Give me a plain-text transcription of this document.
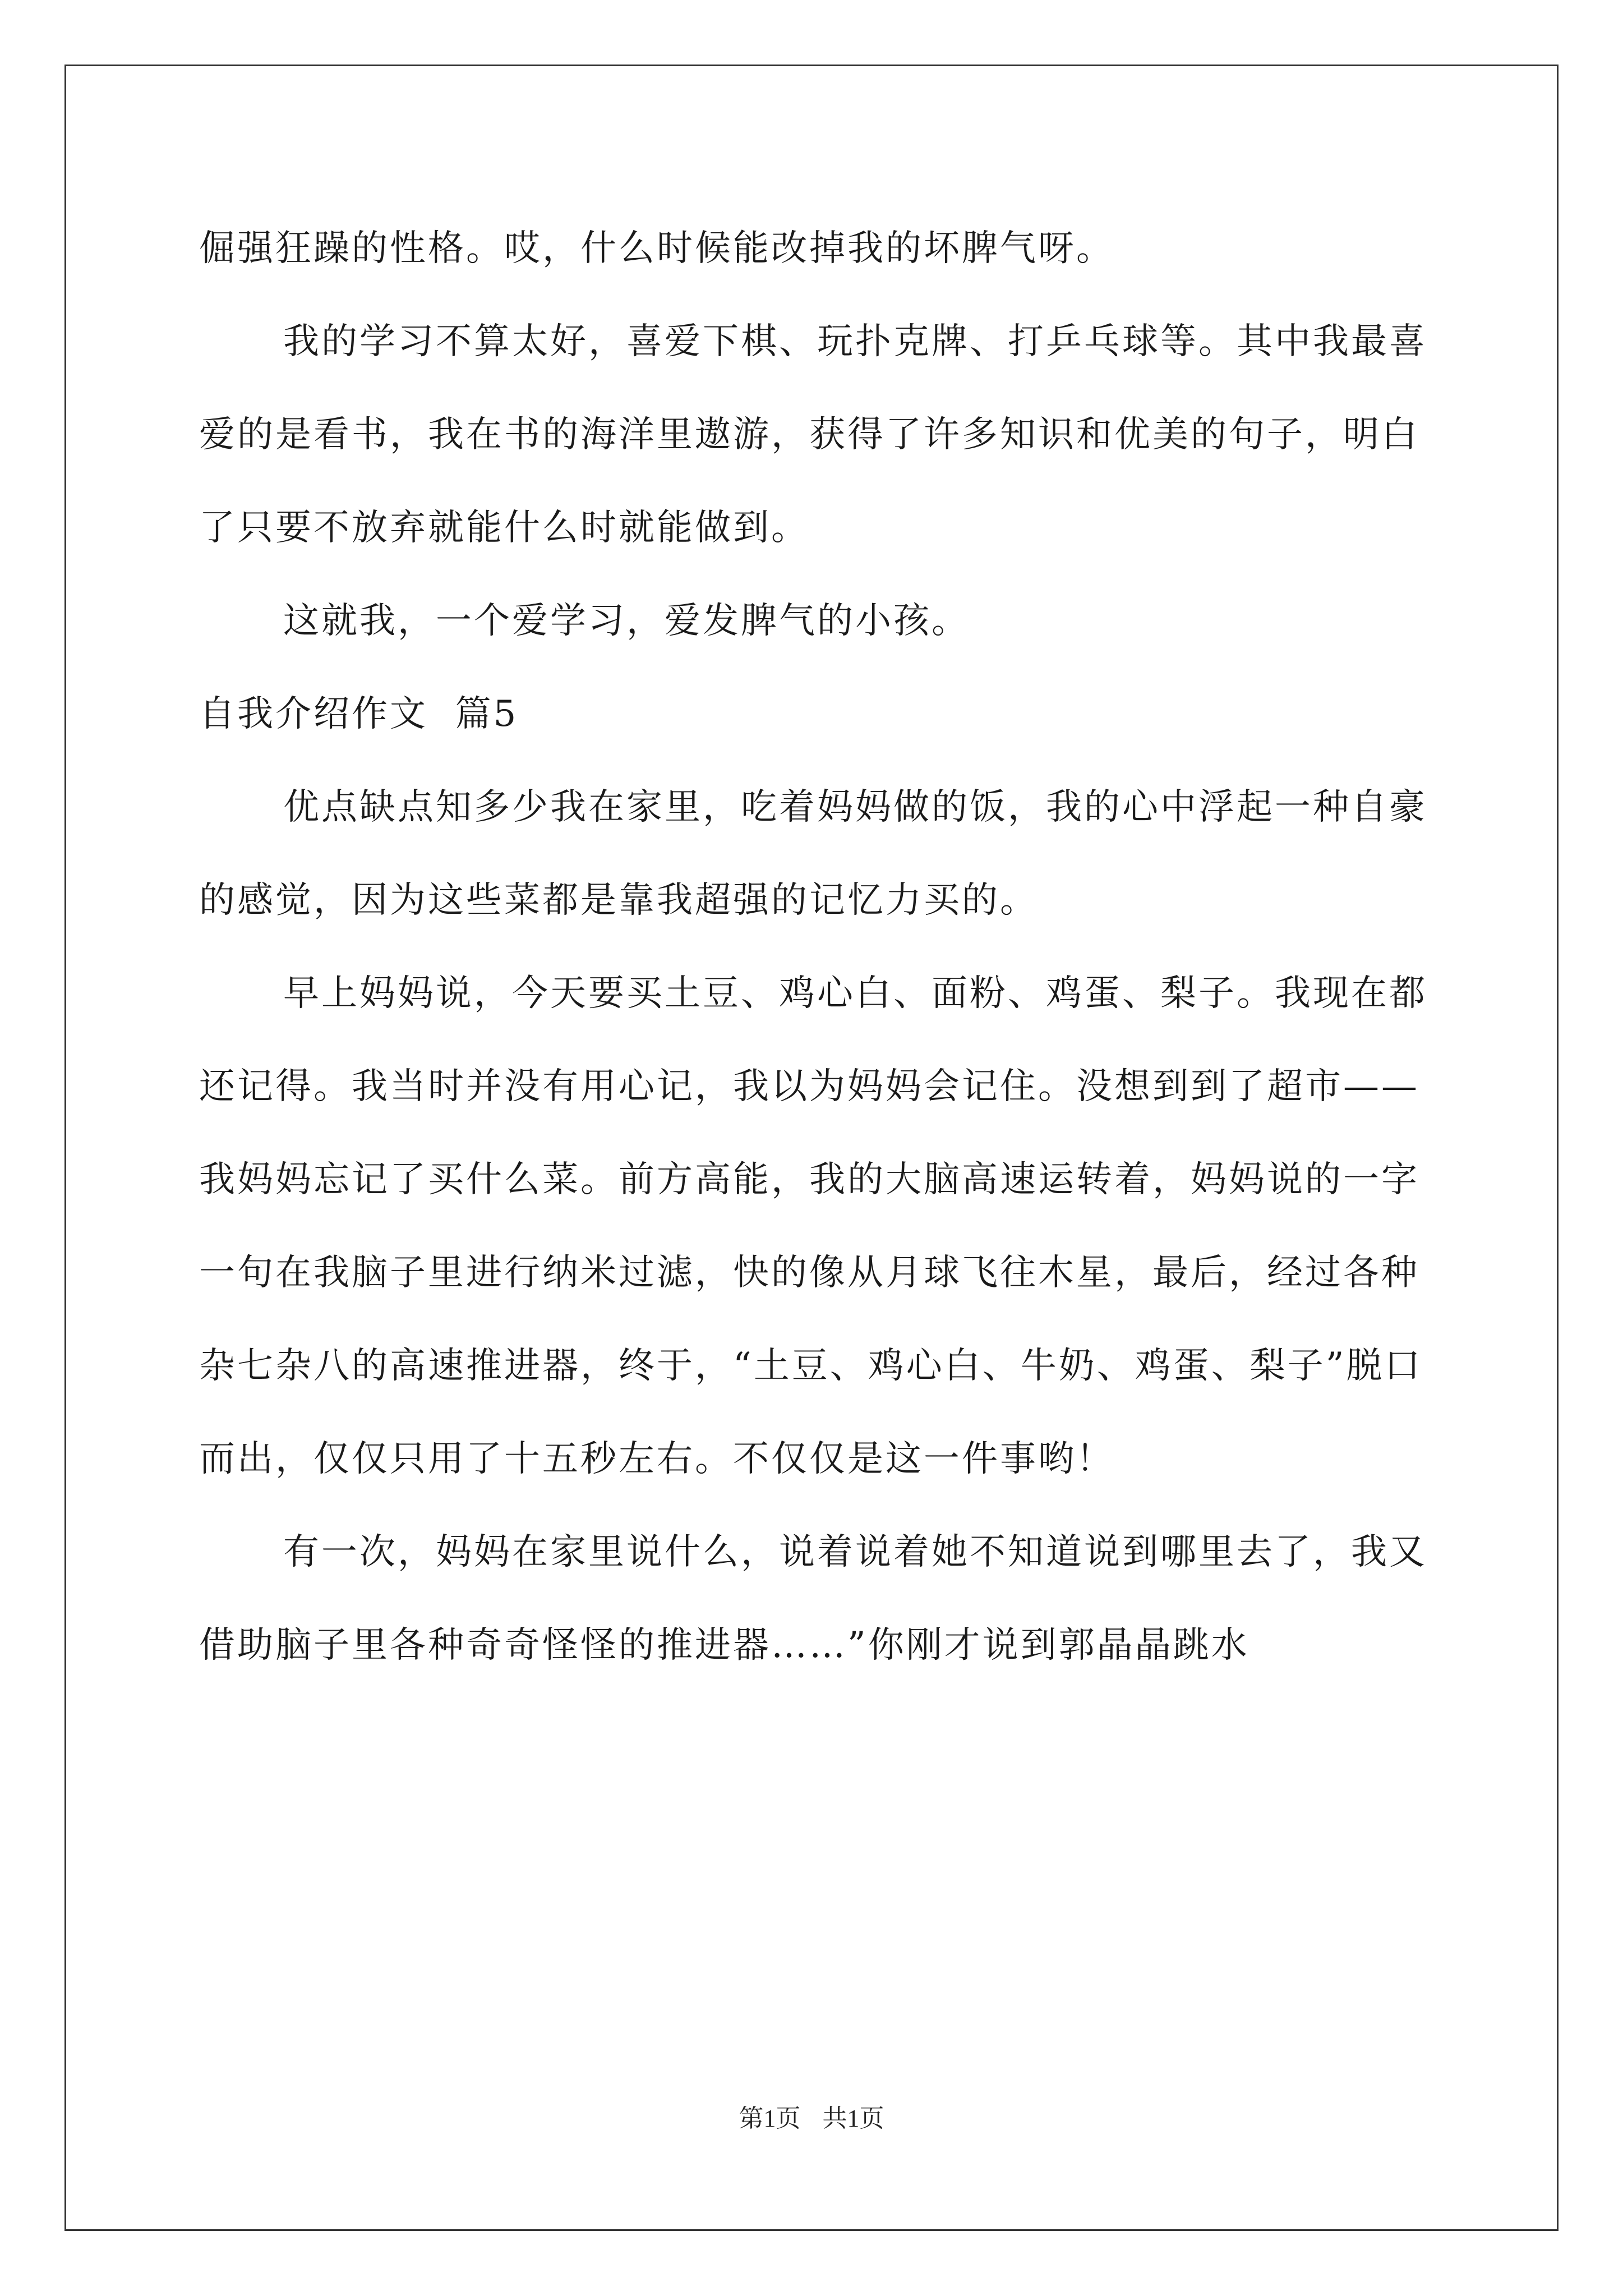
倔强狂躁的性格。哎，什么时候能改掉我的坏脾气呀。

我的学习不算太好，喜爱下棋、玩扑克牌、打乒乓球等。其中我最喜爱的是看书，我在书的海洋里遨游，获得了许多知识和优美的句子，明白了只要不放弃就能什么时就能做到。

这就我，一个爱学习，爱发脾气的小孩。

自我介绍作文  篇5

优点缺点知多少我在家里，吃着妈妈做的饭，我的心中浮起一种自豪的感觉，因为这些菜都是靠我超强的记忆力买的。

早上妈妈说，今天要买土豆、鸡心白、面粉、鸡蛋、梨子。我现在都还记得。我当时并没有用心记，我以为妈妈会记住。没想到到了超市——我妈妈忘记了买什么菜。前方高能，我的大脑高速运转着，妈妈说的一字一句在我脑子里进行纳米过滤，快的像从月球飞往木星，最后，经过各种杂七杂八的高速推进器，终于，“土豆、鸡心白、牛奶、鸡蛋、梨子”脱口而出，仅仅只用了十五秒左右。不仅仅是这一件事哟！

有一次，妈妈在家里说什么，说着说着她不知道说到哪里去了，我又借助脑子里各种奇奇怪怪的推进器……”你刚才说到郭晶晶跳水

第1页 共1页
